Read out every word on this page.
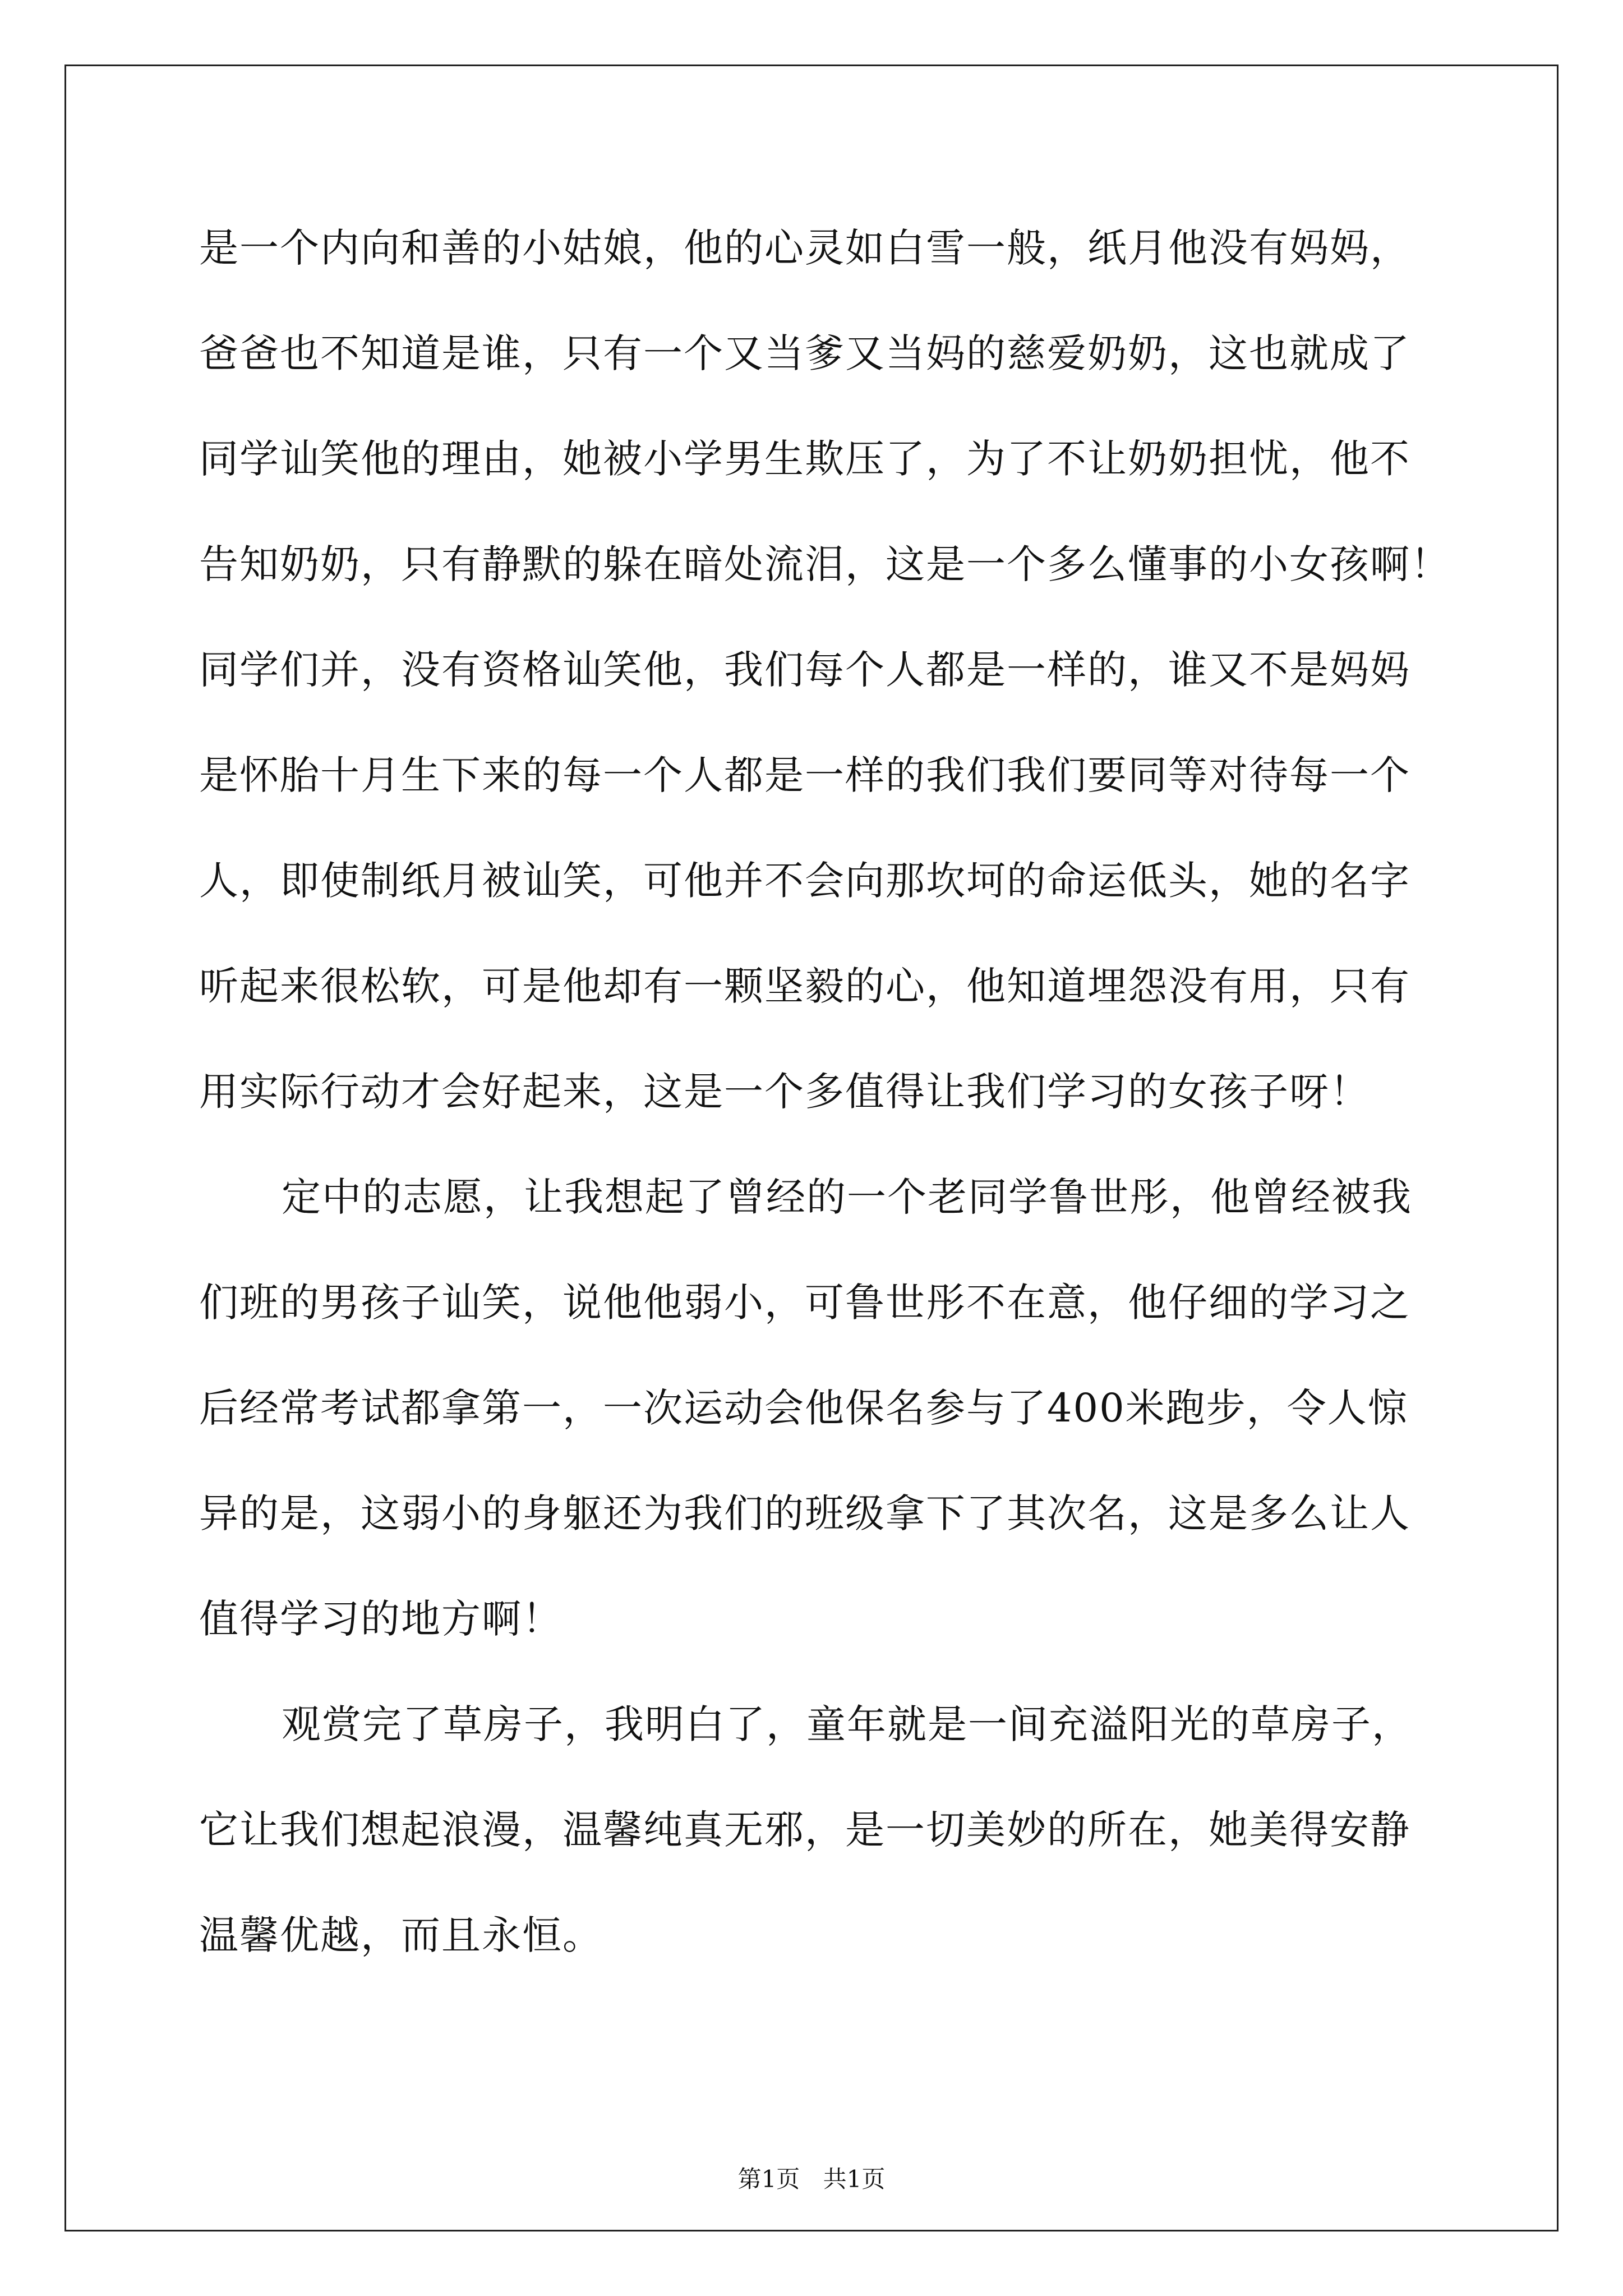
是一个内向和善的小姑娘，他的心灵如白雪一般，纸月他没有妈妈，
爸爸也不知道是谁，只有一个又当爹又当妈的慈爱奶奶，这也就成了
同学讪笑他的理由，她被小学男生欺压了，为了不让奶奶担忧，他不
告知奶奶，只有静默的躲在暗处流泪，这是一个多么懂事的小女孩啊！
同学们并，没有资格讪笑他，我们每个人都是一样的，谁又不是妈妈
是怀胎十月生下来的每一个人都是一样的我们我们要同等对待每一个
人，即使制纸月被讪笑，可他并不会向那坎坷的命运低头，她的名字
听起来很松软，可是他却有一颗坚毅的心，他知道埋怨没有用，只有
用实际行动才会好起来，这是一个多值得让我们学习的女孩子呀！
定中的志愿，让我想起了曾经的一个老同学鲁世彤，他曾经被我
们班的男孩子讪笑，说他他弱小，可鲁世彤不在意，他仔细的学习之
后经常考试都拿第一，一次运动会他保名参与了400米跑步，令人惊
异的是，这弱小的身躯还为我们的班级拿下了其次名，这是多么让人
值得学习的地方啊！
观赏完了草房子，我明白了，童年就是一间充溢阳光的草房子，
它让我们想起浪漫，温馨纯真无邪，是一切美妙的所在，她美得安静
温馨优越，而且永恒。
第1页 共1页
